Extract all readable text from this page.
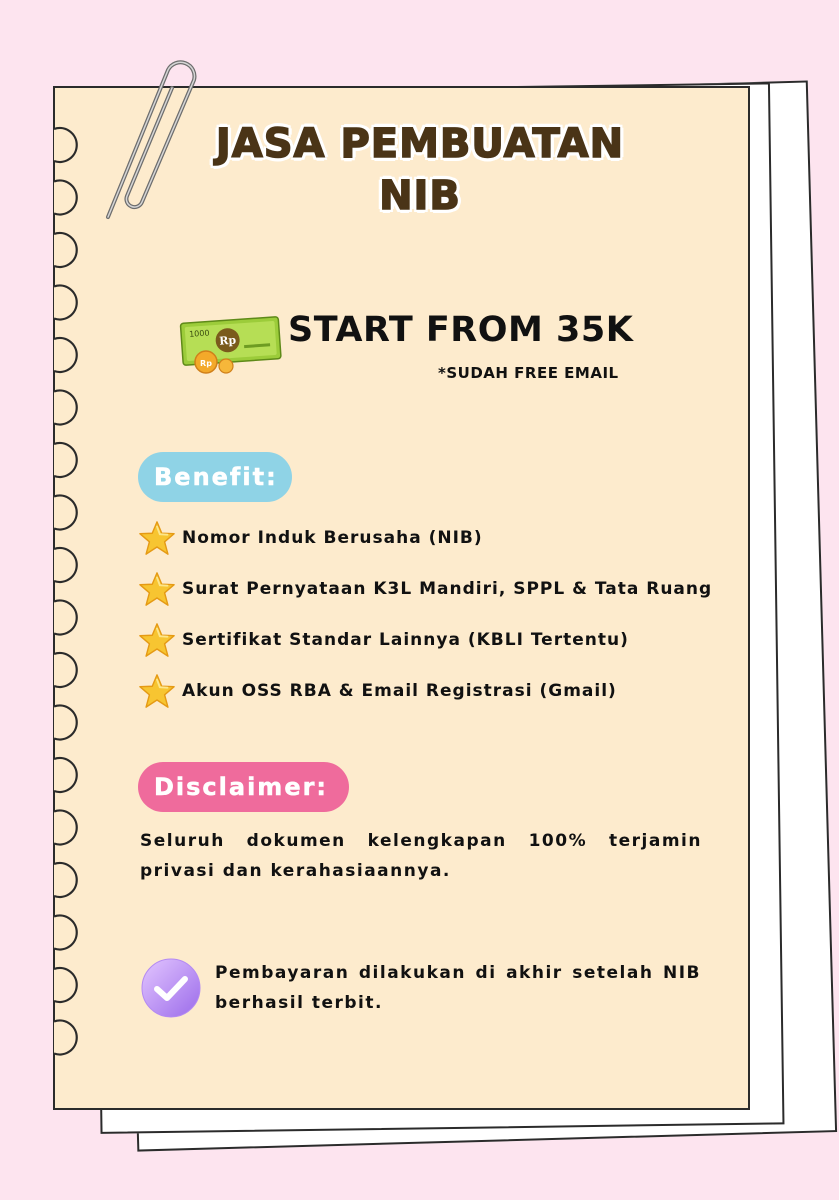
JASA PEMBUATAN
NIB
Rp
1000
Rp
START FROM 35K
*SUDAH FREE EMAIL
Benefit:
Nomor Induk Berusaha (NIB)
Surat Pernyataan K3L Mandiri, SPPL & Tata Ruang
Sertifikat Standar Lainnya (KBLI Tertentu)
Akun OSS RBA & Email Registrasi (Gmail)
Disclaimer:
Seluruh dokumen kelengkapan 100% terjamin privasi dan kerahasiaannya.
Pembayaran dilakukan di akhir setelah NIB berhasil terbit.
